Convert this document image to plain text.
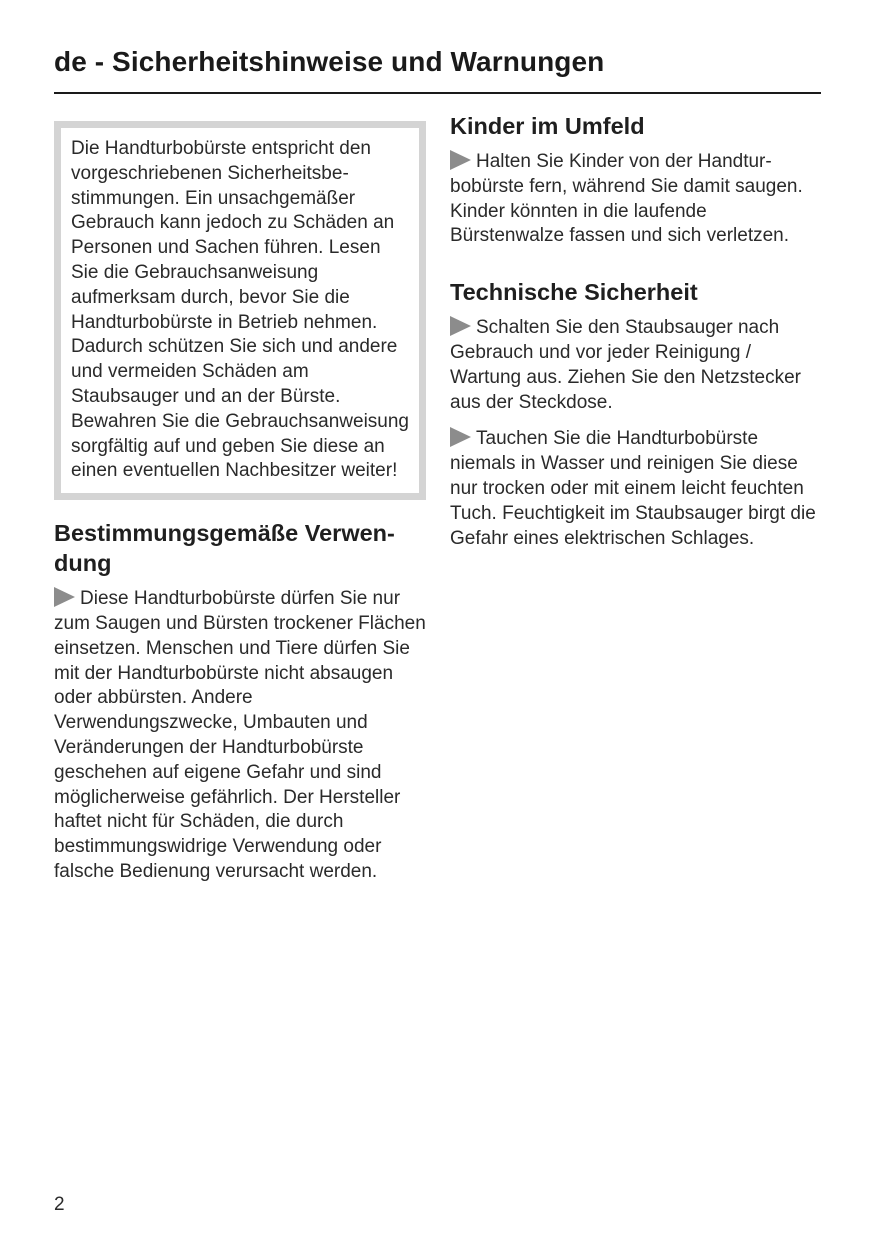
de - Sicherheitshinweise und Warnungen
Die Handturbobürste entspricht den vorgeschriebenen Sicherheitsbestimmungen. Ein unsachgemäßer Gebrauch kann jedoch zu Schäden an Personen und Sachen führen. Lesen Sie die Gebrauchsanweisung aufmerksam durch, bevor Sie die Handturbobürste in Betrieb nehmen. Dadurch schützen Sie sich und andere und vermeiden Schäden am Staubsauger und an der Bürste. Bewahren Sie die Gebrauchsanweisung sorgfältig auf und geben Sie diese an einen eventuellen Nachbesitzer weiter!
Bestimmungsgemäße Verwendung

Diese Handturbobürste dürfen Sie nur zum Saugen und Bürsten trockener Flächen einsetzen. Menschen und Tiere dürfen Sie mit der Handturbobürste nicht absaugen oder abbürsten. Andere Verwendungszwecke, Umbauten und Veränderungen der Handturbobürste geschehen auf eigene Gefahr und sind möglicherweise gefährlich. Der Hersteller haftet nicht für Schäden, die durch bestimmungswidrige Verwendung oder falsche Bedienung verursacht werden.

Kinder im Umfeld

Halten Sie Kinder von der Handturbobürste fern, während Sie damit saugen. Kinder könnten in die laufende Bürstenwalze fassen und sich verletzen.

Technische Sicherheit

Schalten Sie den Staubsauger nach Gebrauch und vor jeder Reinigung / Wartung aus. Ziehen Sie den Netzstecker aus der Steckdose.

Tauchen Sie die Handturbobürste niemals in Wasser und reinigen Sie diese nur trocken oder mit einem leicht feuchten Tuch. Feuchtigkeit im Staubsauger birgt die Gefahr eines elektrischen Schlages.

2
